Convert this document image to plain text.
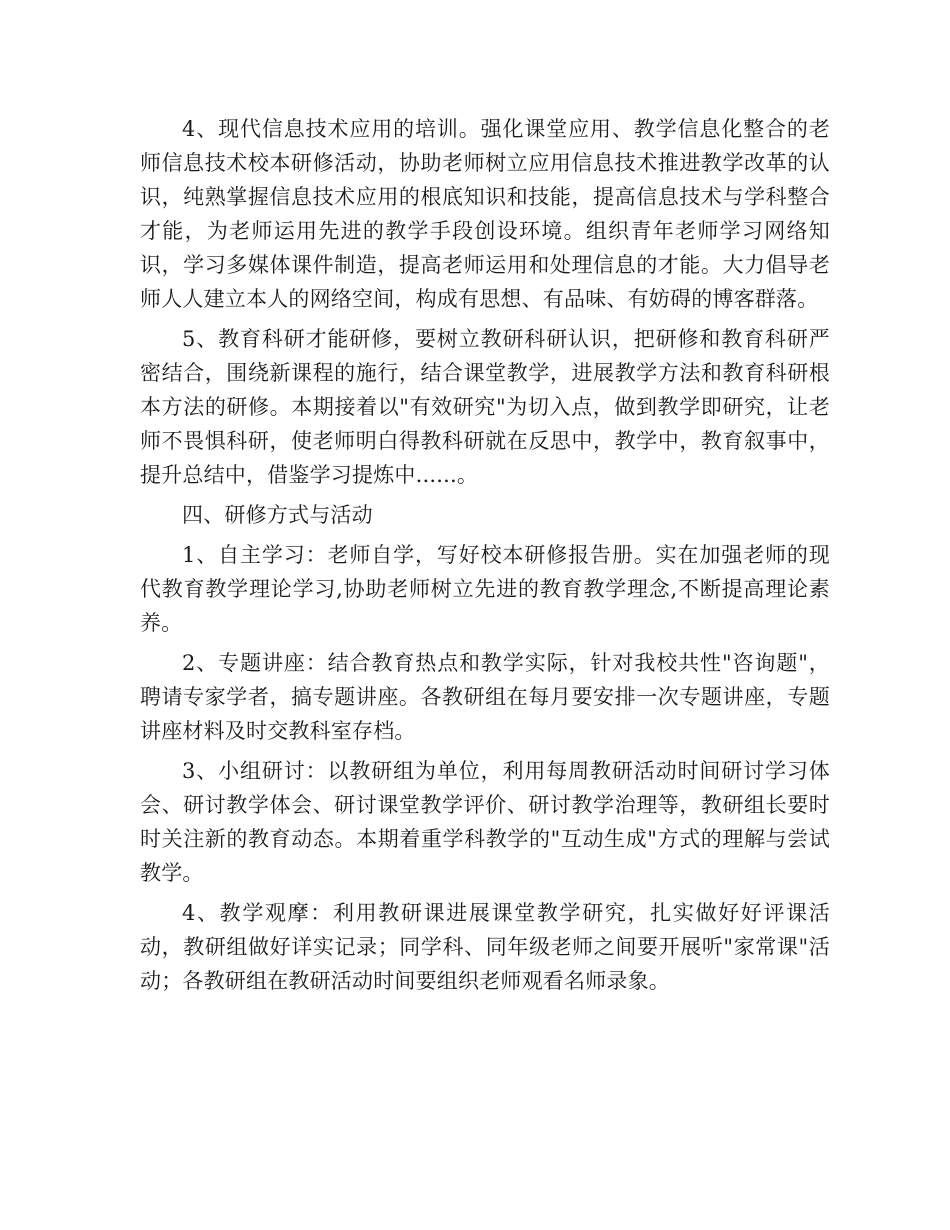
4、现代信息技术应用的培训。强化课堂应用、教学信息化整合的老师信息技术校本研修活动，协助老师树立应用信息技术推进教学改革的认识，纯熟掌握信息技术应用的根底知识和技能，提高信息技术与学科整合才能，为老师运用先进的教学手段创设环境。组织青年老师学习网络知识，学习多媒体课件制造，提高老师运用和处理信息的才能。大力倡导老师人人建立本人的网络空间，构成有思想、有品味、有妨碍的博客群落。

5、教育科研才能研修，要树立教研科研认识，把研修和教育科研严密结合，围绕新课程的施行，结合课堂教学，进展教学方法和教育科研根本方法的研修。本期接着以"有效研究"为切入点，做到教学即研究，让老师不畏惧科研，使老师明白得教科研就在反思中，教学中，教育叙事中，提升总结中，借鉴学习提炼中......。

四、研修方式与活动

1、自主学习：老师自学，写好校本研修报告册。实在加强老师的现代教育教学理论学习,协助老师树立先进的教育教学理念,不断提高理论素养。

2、专题讲座：结合教育热点和教学实际，针对我校共性"咨询题"，聘请专家学者，搞专题讲座。各教研组在每月要安排一次专题讲座，专题讲座材料及时交教科室存档。

3、小组研讨：以教研组为单位，利用每周教研活动时间研讨学习体会、研讨教学体会、研讨课堂教学评价、研讨教学治理等，教研组长要时时关注新的教育动态。本期着重学科教学的"互动生成"方式的理解与尝试教学。

4、教学观摩：利用教研课进展课堂教学研究，扎实做好好评课活动，教研组做好详实记录；同学科、同年级老师之间要开展听"家常课"活动；各教研组在教研活动时间要组织老师观看名师录象。
